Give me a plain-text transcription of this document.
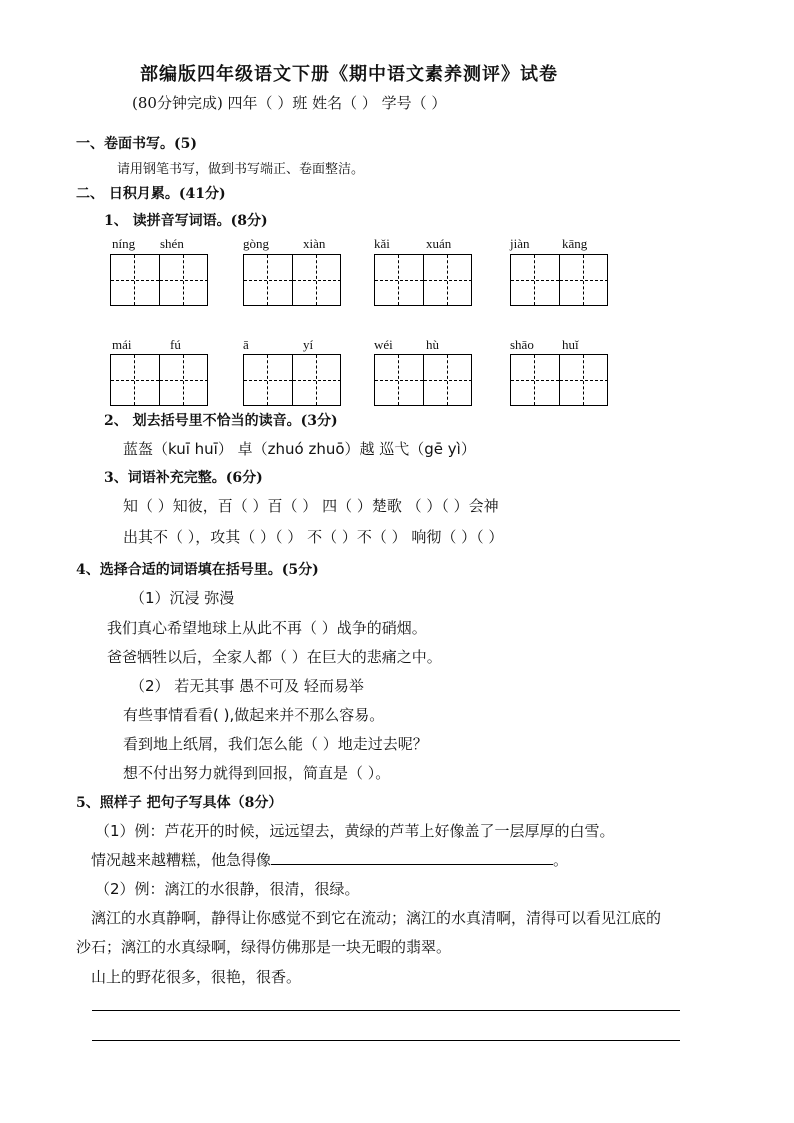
部编版四年级语文下册《期中语文素养测评》试卷
(80分钟完成) 四年（ ）班 姓名（ ） 学号（ ）
一、卷面书写。(5)
请用钢笔书写，做到书写端正、卷面整洁。
二、 日积月累。(41分)
1、 读拼音写词语。(8分)
níng shén	gòng	xiàn	kǎi	xuán	jiàn	kāng
mái	fú	ā	yí	wéi	hù	shāo huǐ
2、 划去括号里不恰当的读音。(3分)
蓝盔（kuī huī） 卓（zhuó zhuō）越 巡弋（gē yì）
3、词语补充完整。(6分)
知（ ）知彼，百（ ）百（ ） 四（ ）楚歌 （ ）（ ）会神
出其不（ ），攻其（ ）（ ） 不（ ）不（ ） 响彻（ ）（ ）
4、选择合适的词语填在括号里。(5分)
（1）沉浸 弥漫
我们真心希望地球上从此不再（ ）战争的硝烟。
爸爸牺牲以后，全家人都（ ）在巨大的悲痛之中。
（2） 若无其事 愚不可及 轻而易举
有些事情看看( ),做起来并不那么容易。
看到地上纸屑，我们怎么能（ ）地走过去呢？
想不付出努力就得到回报，简直是（ ）。
5、照样子 把句子写具体（8分）
（1）例：芦花开的时候，远远望去，黄绿的芦苇上好像盖了一层厚厚的白雪。
情况越来越糟糕，他急得像	。
（2）例：漓江的水很静，很清，很绿。
漓江的水真静啊，静得让你感觉不到它在流动；漓江的水真清啊，清得可以看见江底的
沙石；漓江的水真绿啊，绿得仿佛那是一块无暇的翡翠。
山上的野花很多，很艳，很香。
